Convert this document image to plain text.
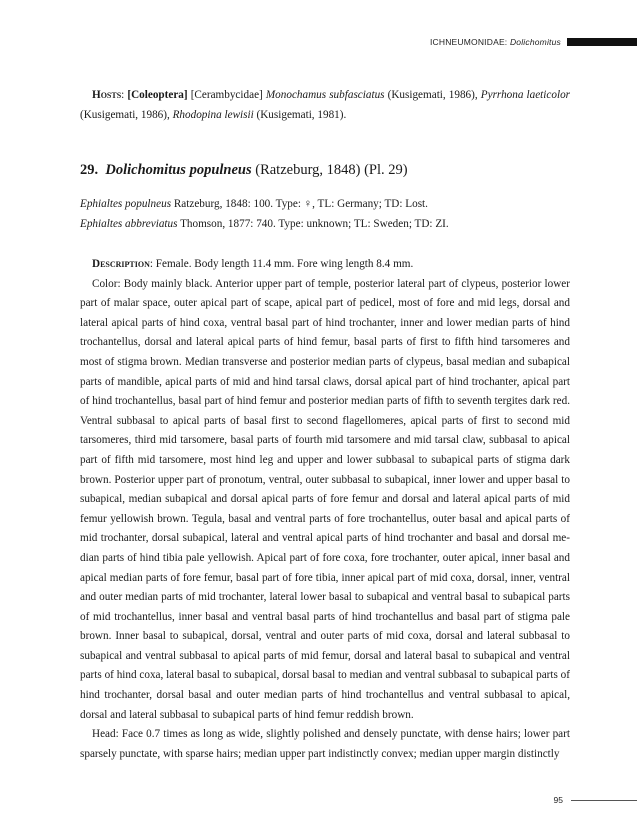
ICHNEUMONIDAE: Dolichomitus

Hosts: [Coleoptera] [Cerambycidae] Monochamus subfasciatus (Kusigemati, 1986), Pyrrhona laeticolor (Kusigemati, 1986), Rhodopina lewisii (Kusigemati, 1981).

29. Dolichomitus populneus (Ratzeburg, 1848) (Pl. 29)

Ephialtes populneus Ratzeburg, 1848: 100. Type: ♀, TL: Germany; TD: Lost.

Ephialtes abbreviatus Thomson, 1877: 740. Type: unknown; TL: Sweden; TD: ZI.

Description: Female. Body length 11.4 mm. Fore wing length 8.4 mm.

Color: Body mainly black. Anterior upper part of temple, posterior lateral part of clypeus, posterior lower part of malar space, outer apical part of scape, apical part of pedicel, most of fore and mid legs, dorsal and lateral apical parts of hind coxa, ventral basal part of hind trochanter, inner and lower median parts of hind trochantellus, dorsal and lateral apical parts of hind femur, basal parts of first to fifth hind tarsomeres and most of stigma brown. Median transverse and posterior median parts of clypeus, basal median and subapical parts of mandible, apical parts of mid and hind tarsal claws, dorsal apical part of hind trochanter, apical part of hind trochantellus, basal part of hind femur and posterior median parts of fifth to seventh tergites dark red. Ventral subbasal to apical parts of basal first to second flagellomeres, apical parts of first to second mid tarsomeres, third mid tarsomere, basal parts of fourth mid tarsomere and mid tarsal claw, subbasal to apical part of fifth mid tarsomere, most hind leg and upper and lower subbasal to subapical parts of stigma dark brown. Posterior upper part of pronotum, ventral, outer subbasal to subapical, inner lower and upper basal to subapical, median subapical and dorsal apical parts of fore femur and dorsal and lateral apical parts of mid femur yellowish brown. Tegula, basal and ventral parts of fore trochantellus, outer basal and apical parts of mid trochanter, dorsal subapical, lateral and ventral apical parts of hind trochanter and basal and dorsal median parts of hind tibia pale yellowish. Apical part of fore coxa, fore trochanter, outer apical, inner basal and apical median parts of fore femur, basal part of fore tibia, inner apical part of mid coxa, dorsal, inner, ventral and outer median parts of mid trochanter, lateral lower basal to subapical and ventral basal to subapical parts of mid trochantellus, inner basal and ventral basal parts of hind trochantellus and basal part of stigma pale brown. Inner basal to subapical, dorsal, ventral and outer parts of mid coxa, dorsal and lateral subbasal to subapical and ventral subbasal to apical parts of mid femur, dorsal and lateral basal to subapical and ventral parts of hind coxa, lateral basal to subapical, dorsal basal to median and ventral subbasal to subapical parts of hind trochanter, dorsal basal and outer median parts of hind trochantellus and ventral subbasal to apical, dorsal and lateral subbasal to subapical parts of hind femur reddish brown.

Head: Face 0.7 times as long as wide, slightly polished and densely punctate, with dense hairs; lower part sparsely punctate, with sparse hairs; median upper part indistinctly convex; median upper margin distinctly

95
